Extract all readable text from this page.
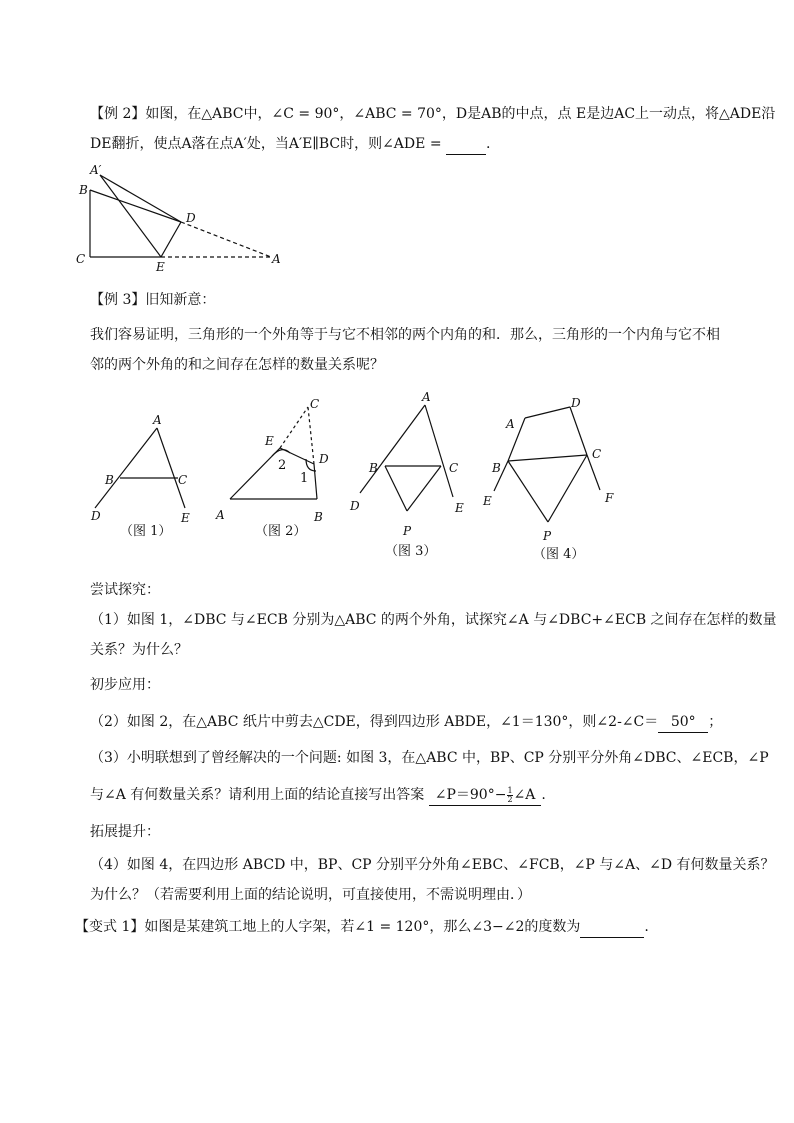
【例 2】如图，在△ABC中，∠C = 90°，∠ABC = 70°，D是AB的中点，点 E是边AC上一动点，将△ADE沿
DE翻折，使点A落在点A′处，当A′E∥BC时，则∠ADE =	.
A′
B
C
D
E
A
【例 3】旧知新意：
我们容易证明，三角形的一个外角等于与它不相邻的两个内角的和．那么，三角形的一个内角与它不相
邻的两个外角的和之间存在怎样的数量关系呢？
A
B	C
D	E
（图 1）
C
E
D
2
1
A	B
（图 2）
A
B	C
D	E
P
（图 3）
A
D
B
C
E	F
P
（图 4）
尝试探究：
（1）如图 1，∠DBC 与∠ECB 分别为△ABC 的两个外角，试探究∠A 与∠DBC+∠ECB 之间存在怎样的数量
关系？为什么？
初步应用：
（2）如图 2，在△ABC 纸片中剪去△CDE，得到四边形 ABDE，∠1＝130°，则∠2-∠C＝ 50° ；
（3）小明联想到了曾经解决的一个问题: 如图 3，在△ABC 中，BP、CP 分别平分外角∠DBC、∠ECB，∠P
与∠A 有何数量关系？请利用上面的结论直接写出答案 ∠P＝90°− $\frac{1}{2}$ ∠A .
拓展提升：
（4）如图 4，在四边形 ABCD 中，BP、CP 分别平分外角∠EBC、∠FCB，∠P 与∠A、∠D 有何数量关系？
为什么？（若需要利用上面的结论说明，可直接使用，不需说明理由．）
【变式 1】如图是某建筑工地上的人字架，若∠1 = 120°，那么∠3−∠2的度数为	.
